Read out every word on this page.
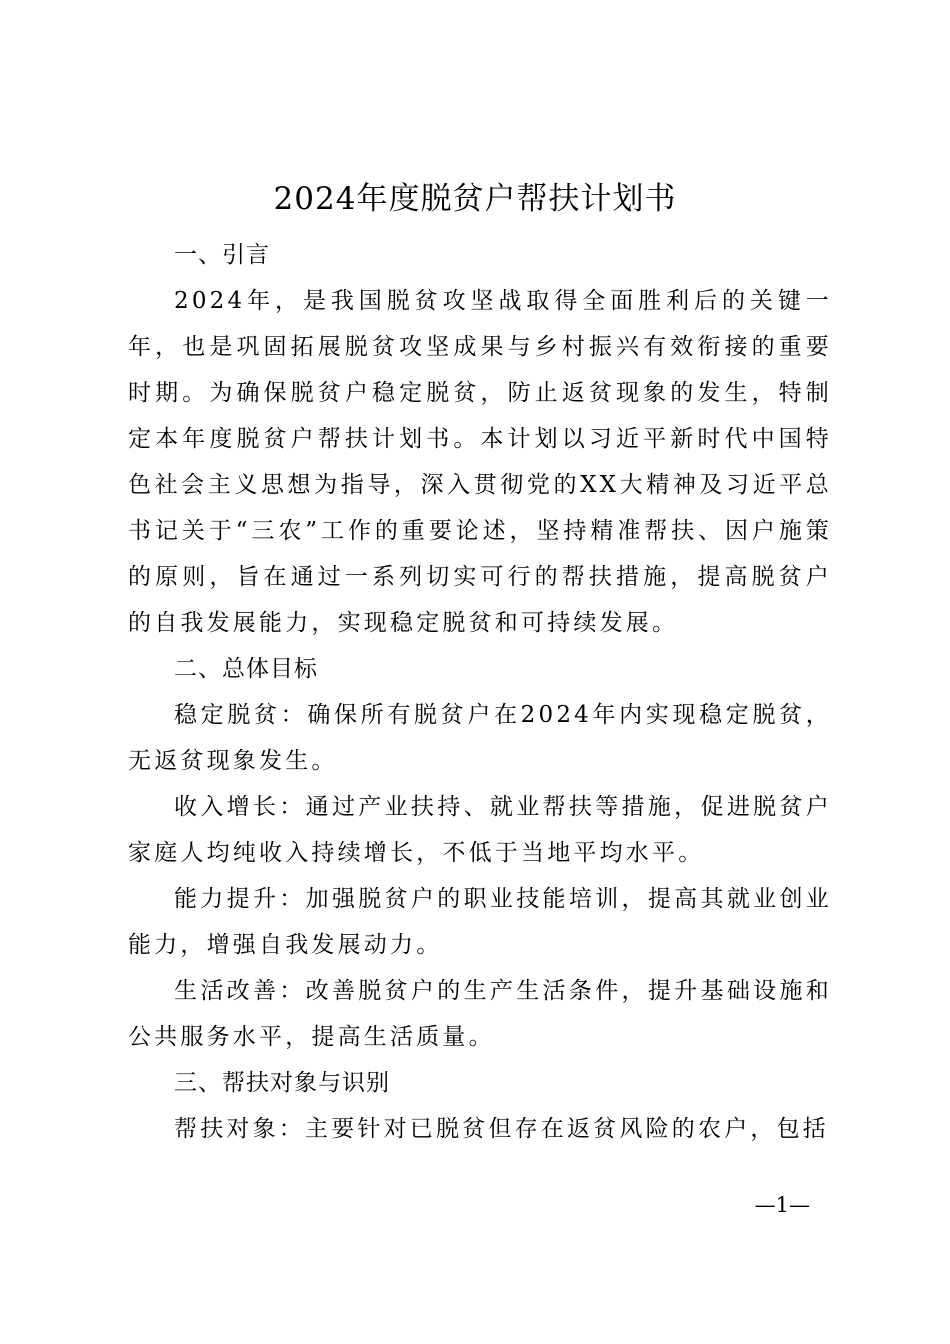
2024年度脱贫户帮扶计划书
一、引言

2024年，是我国脱贫攻坚战取得全面胜利后的关键一年，也是巩固拓展脱贫攻坚成果与乡村振兴有效衔接的重要时期。为确保脱贫户稳定脱贫，防止返贫现象的发生，特制定本年度脱贫户帮扶计划书。本计划以习近平新时代中国特色社会主义思想为指导，深入贯彻党的XX大精神及习近平总书记关于“三农”工作的重要论述，坚持精准帮扶、因户施策的原则，旨在通过一系列切实可行的帮扶措施，提高脱贫户的自我发展能力，实现稳定脱贫和可持续发展。

二、总体目标

稳定脱贫：确保所有脱贫户在2024年内实现稳定脱贫，无返贫现象发生。

收入增长：通过产业扶持、就业帮扶等措施，促进脱贫户家庭人均纯收入持续增长，不低于当地平均水平。

能力提升：加强脱贫户的职业技能培训，提高其就业创业能力，增强自我发展动力。

生活改善：改善脱贫户的生产生活条件，提升基础设施和公共服务水平，提高生活质量。

三、帮扶对象与识别

帮扶对象：主要针对已脱贫但存在返贫风险的农户，包括

—1—
